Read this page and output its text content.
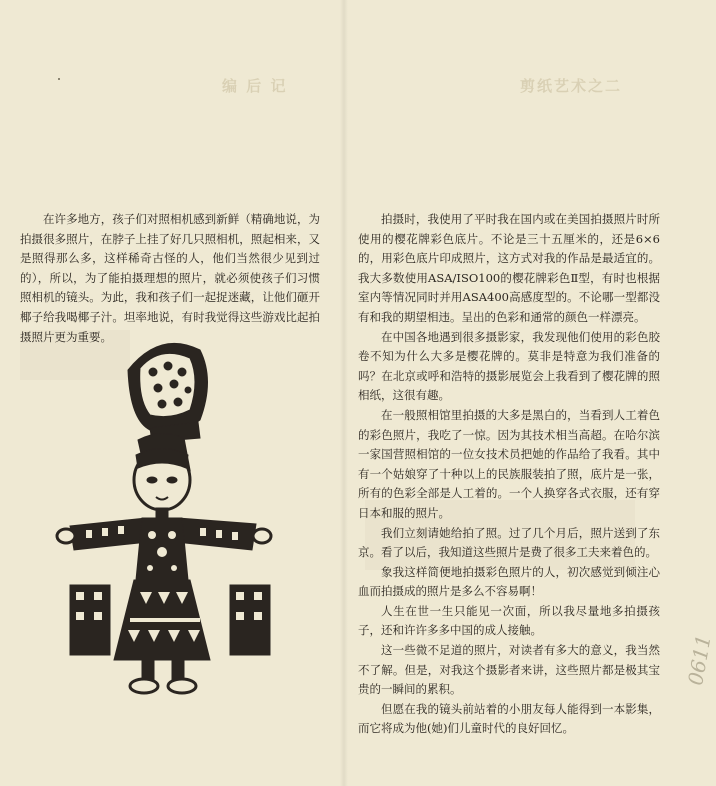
剪纸艺术之二
编 后 记

在许多地方，孩子们对照相机感到新鲜（精确地说，为拍摄很多照片，在脖子上挂了好几只照相机，照起相来，又是照得那么多，这样稀奇古怪的人，他们当然很少见到过的），所以，为了能拍摄理想的照片，就必须使孩子们习惯照相机的镜头。为此，我和孩子们一起捉迷藏，让他们砸开椰子给我喝椰子汁。坦率地说，有时我觉得这些游戏比起拍摄照片更为重要。

拍摄时，我使用了平时我在国内或在美国拍摄照片时所使用的樱花牌彩色底片。不论是三十五厘米的，还是6×6的，用彩色底片印成照片，这方式对我的作品是最适宜的。我大多数使用ASA/ISO100的樱花牌彩色Ⅱ型，有时也根据室内等情况同时并用ASA400高感度型的。不论哪一型都没有和我的期望相违。呈出的色彩和通常的颜色一样漂亮。

在中国各地遇到很多摄影家，我发现他们使用的彩色胶卷不知为什么大多是樱花牌的。莫非是特意为我们准备的吗？在北京或呼和浩特的摄影展览会上我看到了樱花牌的照相纸，这很有趣。

在一般照相馆里拍摄的大多是黑白的，当看到人工着色的彩色照片，我吃了一惊。因为其技术相当高超。在哈尔滨一家国营照相馆的一位女技术员把她的作品给了我看。其中有一个姑娘穿了十种以上的民族服装拍了照，底片是一张，所有的色彩全部是人工着的。一个人换穿各式衣服，还有穿日本和服的照片。

我们立刻请她给拍了照。过了几个月后，照片送到了东京。看了以后，我知道这些照片是费了很多工夫来着色的。

象我这样简便地拍摄彩色照片的人，初次感觉到倾注心血而拍摄成的照片是多么不容易啊！

人生在世一生只能见一次面，所以我尽量地多拍摄孩子，还和许许多多中国的成人接触。

这一些微不足道的照片，对读者有多大的意义，我当然不了解。但是，对我这个摄影者来讲，这些照片都是极其宝贵的一瞬间的累积。

但愿在我的镜头前站着的小朋友每人能得到一本影集，而它将成为他(她)们儿童时代的良好回忆。

0611
